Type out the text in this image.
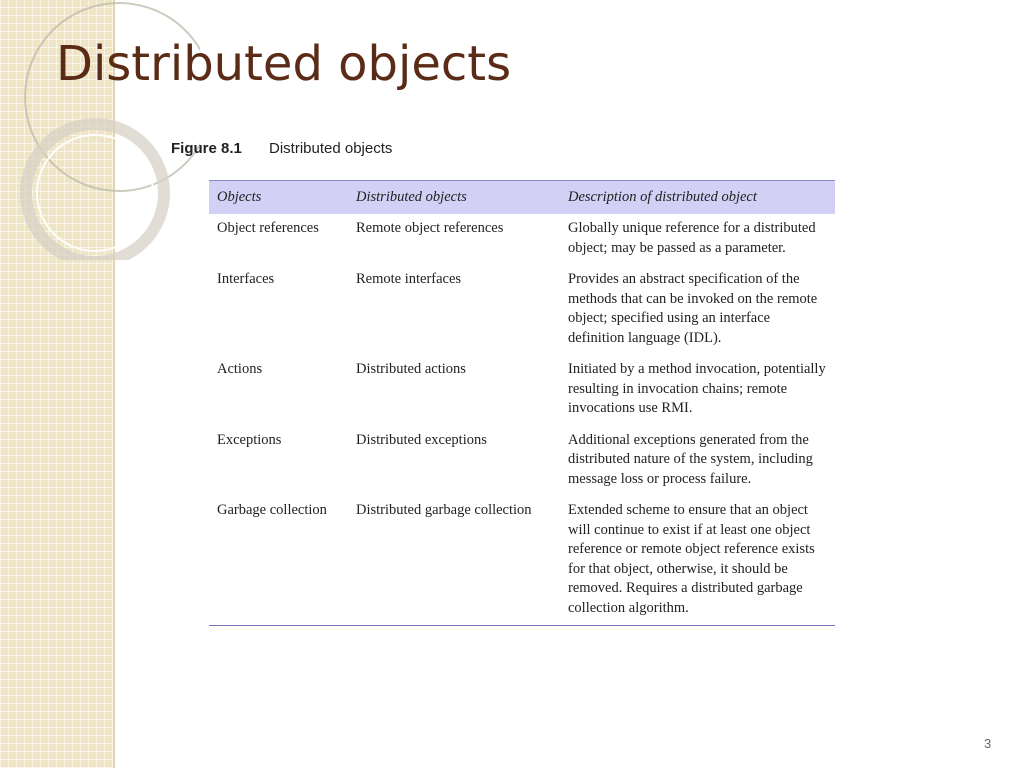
Distributed objects
Figure 8.1 Distributed objects
Objects	Distributed objects	Description of distributed object
Object references	Remote object references	Globally unique reference for a distributed object; may be passed as a parameter.
Interfaces	Remote interfaces	Provides an abstract specification of the methods that can be invoked on the remote object; specified using an interface definition language (IDL).
Actions	Distributed actions	Initiated by a method invocation, potentially resulting in invocation chains; remote invocations use RMI.
Exceptions	Distributed exceptions	Additional exceptions generated from the distributed nature of the system, including message loss or process failure.
Garbage collection	Distributed garbage collection	Extended scheme to ensure that an object will continue to exist if at least one object reference or remote object reference exists for that object, otherwise, it should be removed. Requires a distributed garbage collection algorithm.
3
